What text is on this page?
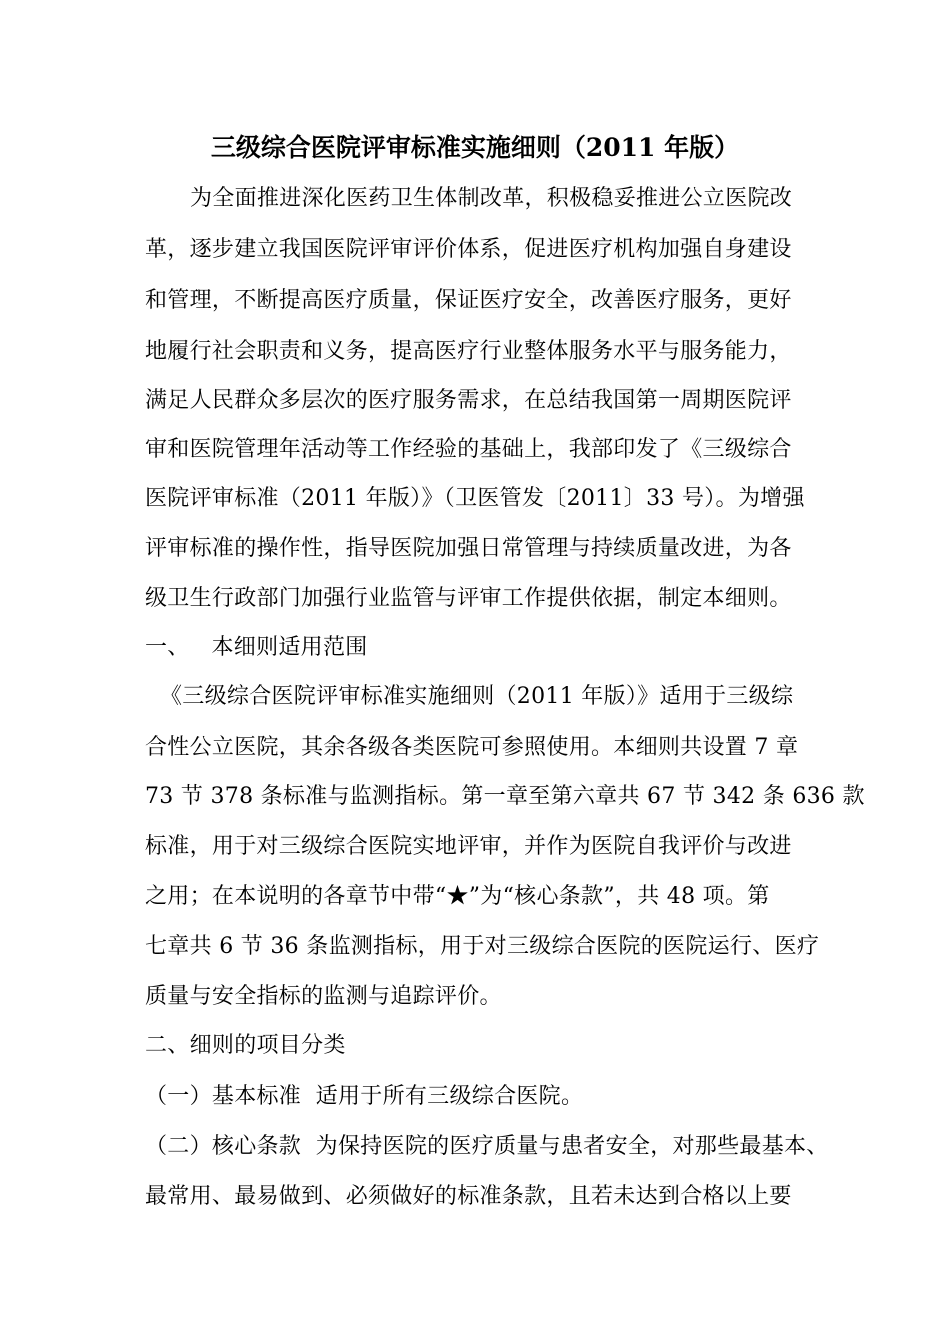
三级综合医院评审标准实施细则（2011 年版）
为全面推进深化医药卫生体制改革，积极稳妥推进公立医院改
革，逐步建立我国医院评审评价体系，促进医疗机构加强自身建设
和管理，不断提高医疗质量，保证医疗安全，改善医疗服务，更好
地履行社会职责和义务，提高医疗行业整体服务水平与服务能力，
满足人民群众多层次的医疗服务需求，在总结我国第一周期医院评
审和医院管理年活动等工作经验的基础上，我部印发了《三级综合
医院评审标准（2011 年版）》（卫医管发〔2011〕33 号）。为增强
评审标准的操作性，指导医院加强日常管理与持续质量改进，为各
级卫生行政部门加强行业监管与评审工作提供依据，制定本细则。
一、   本细则适用范围
《三级综合医院评审标准实施细则（2011 年版）》适用于三级综
合性公立医院，其余各级各类医院可参照使用。本细则共设置 7 章
73 节 378 条标准与监测指标。第一章至第六章共 67 节 342 条 636 款
标准，用于对三级综合医院实地评审，并作为医院自我评价与改进
之用；在本说明的各章节中带“★”为“核心条款”，共 48 项。第
七章共 6 节 36 条监测指标，用于对三级综合医院的医院运行、医疗
质量与安全指标的监测与追踪评价。
二、细则的项目分类
（一）基本标准  适用于所有三级综合医院。
（二）核心条款  为保持医院的医疗质量与患者安全，对那些最基本、
最常用、最易做到、必须做好的标准条款，且若未达到合格以上要
